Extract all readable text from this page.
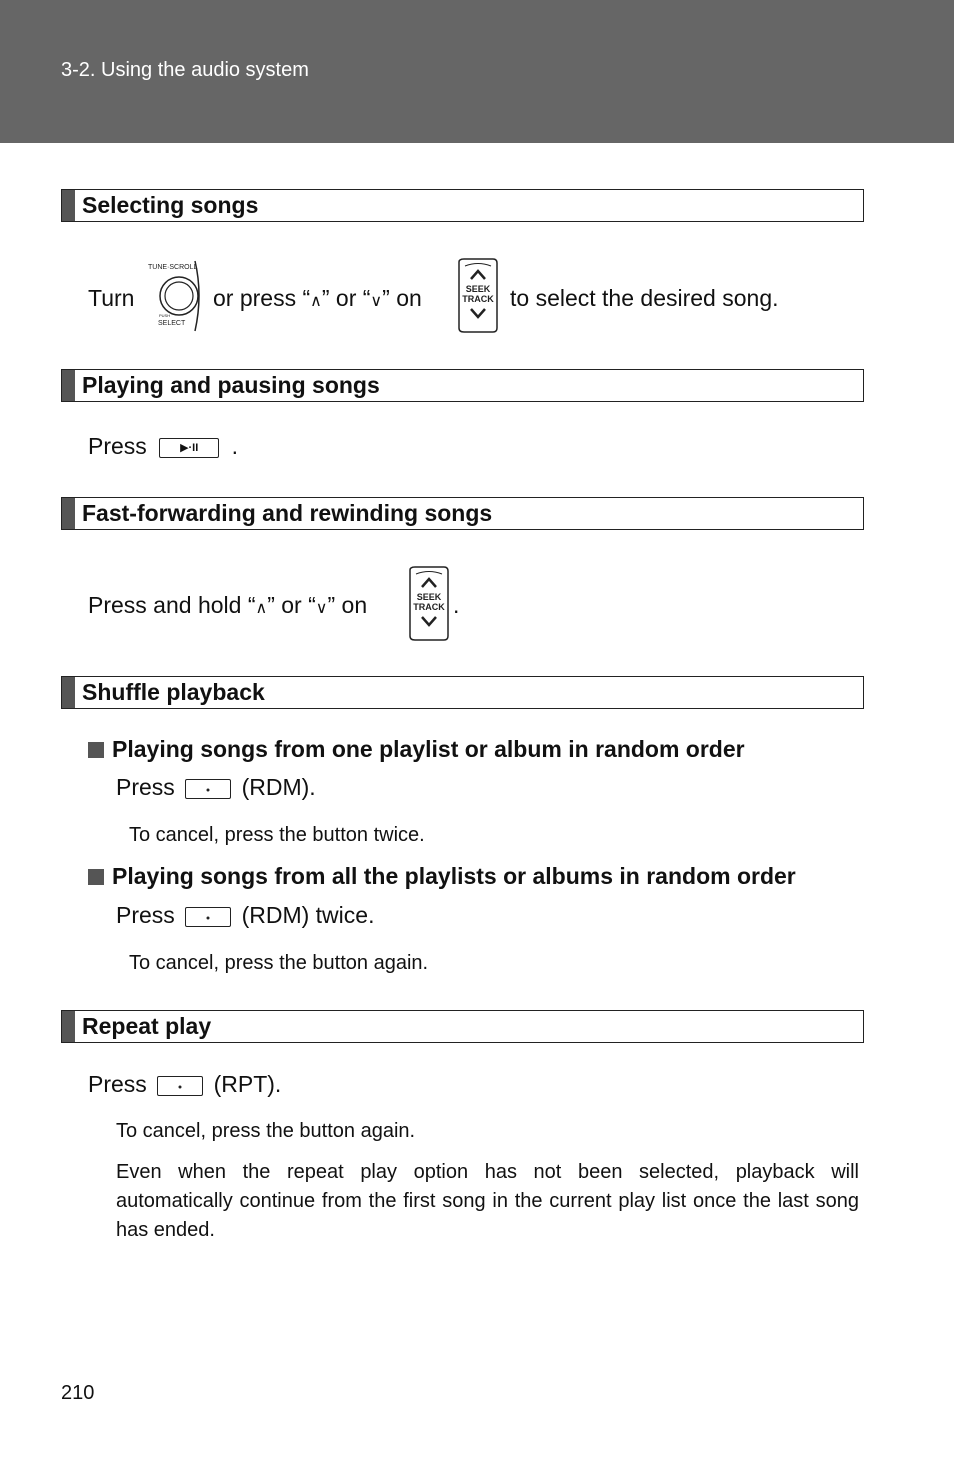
3-2. Using the audio system
Selecting songs
Turn
TUNE·SCROLL
PUSH
SELECT
or press “∧” or “∨” on	SEEK
TRACK to select the desired song.
Playing and pausing songs
Press	▶·II	.
Fast-forwarding and rewinding songs
Press and hold “∧” or “∨” on	SEEK
TRACK .
Shuffle playback
Playing songs from one playlist or album in random order
Press	(RDM).
To cancel, press the button twice.
Playing songs from all the playlists or albums in random order
Press	(RDM) twice.
To cancel, press the button again.
Repeat play
Press	(RPT).
To cancel, press the button again.
Even when the repeat play option has not been selected, playback will automatically continue from the first song in the current play list once the last song has ended.
210
